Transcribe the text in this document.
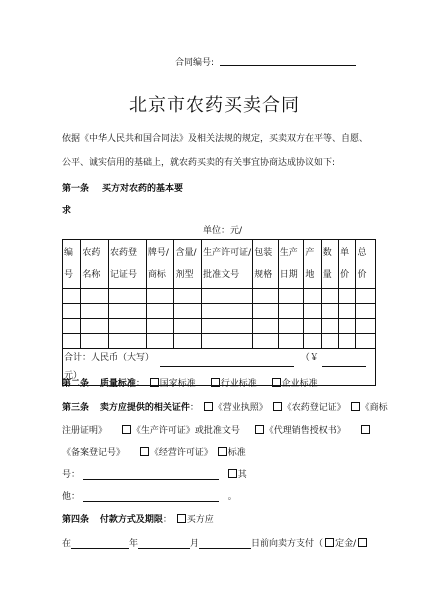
合同编号:
北京市农药买卖合同
依据《中华人民共和国合同法》及相关法规的规定，买卖双方在平等、自愿、
公平、诚实信用的基础上，就农药买卖的有关事宜协商达成协议如下:
第一条 买方对农药的基本要
求
单位：元/
编号	农药名称	农药登记证号	牌号/商标	含量/剂型	生产许可证/批准文号	包装规格	生产日期	产地	数量	单价	总价

合计：人民币（大写） （￥ 元）											
第二条 质量标准： 国家标准	行业标准	企业标准
第三条 卖方应提供的相关证件： 《营业执照》 《农药登记证》 《商标
注册证明》	《生产许可证》或批准文号	《代理销售授权书》
《备案登记号》	《经营许可证》 标准
号：	其
他：	。
第四条 付款方式及期限： 买方应
在	年	月	日前向卖方支付（ 定金/
